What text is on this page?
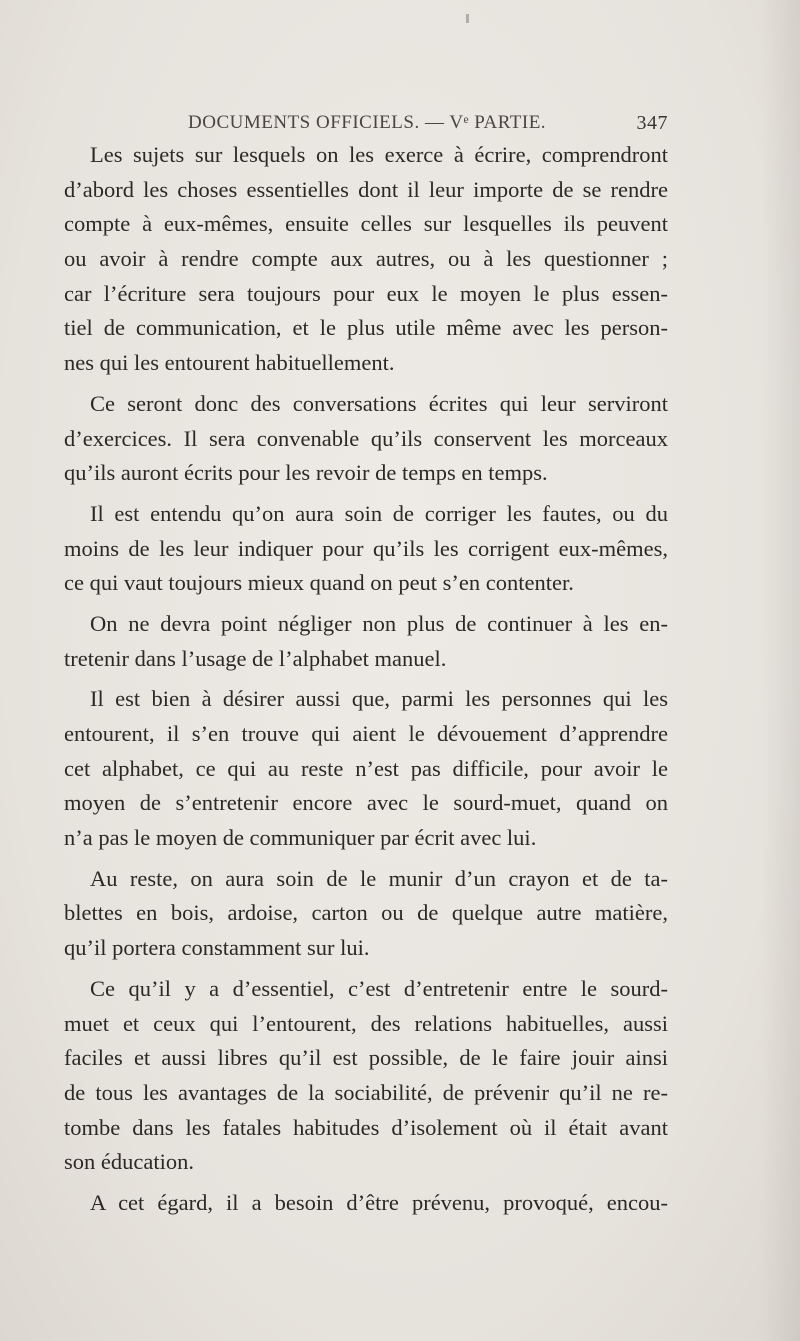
DOCUMENTS OFFICIELS. — Vᵉ PARTIE.	347
Les sujets sur lesquels on les exerce à écrire, comprendront
d’abord les choses essentielles dont il leur importe de se rendre
compte à eux-mêmes, ensuite celles sur lesquelles ils peuvent
ou avoir à rendre compte aux autres, ou à les questionner ;
car l’écriture sera toujours pour eux le moyen le plus essen-
tiel de communication, et le plus utile même avec les person-
nes qui les entourent habituellement.
Ce seront donc des conversations écrites qui leur serviront
d’exercices. Il sera convenable qu’ils conservent les morceaux
qu’ils auront écrits pour les revoir de temps en temps.
Il est entendu qu’on aura soin de corriger les fautes, ou du
moins de les leur indiquer pour qu’ils les corrigent eux-mêmes,
ce qui vaut toujours mieux quand on peut s’en contenter.
On ne devra point négliger non plus de continuer à les en-
tretenir dans l’usage de l’alphabet manuel.
Il est bien à désirer aussi que, parmi les personnes qui les
entourent, il s’en trouve qui aient le dévouement d’apprendre
cet alphabet, ce qui au reste n’est pas difficile, pour avoir le
moyen de s’entretenir encore avec le sourd-muet, quand on
n’a pas le moyen de communiquer par écrit avec lui.
Au reste, on aura soin de le munir d’un crayon et de ta-
blettes en bois, ardoise, carton ou de quelque autre matière,
qu’il portera constamment sur lui.
Ce qu’il y a d’essentiel, c’est d’entretenir entre le sourd-
muet et ceux qui l’entourent, des relations habituelles, aussi
faciles et aussi libres qu’il est possible, de le faire jouir ainsi
de tous les avantages de la sociabilité, de prévenir qu’il ne re-
tombe dans les fatales habitudes d’isolement où il était avant
son éducation.
A cet égard, il a besoin d’être prévenu, provoqué, encou-
